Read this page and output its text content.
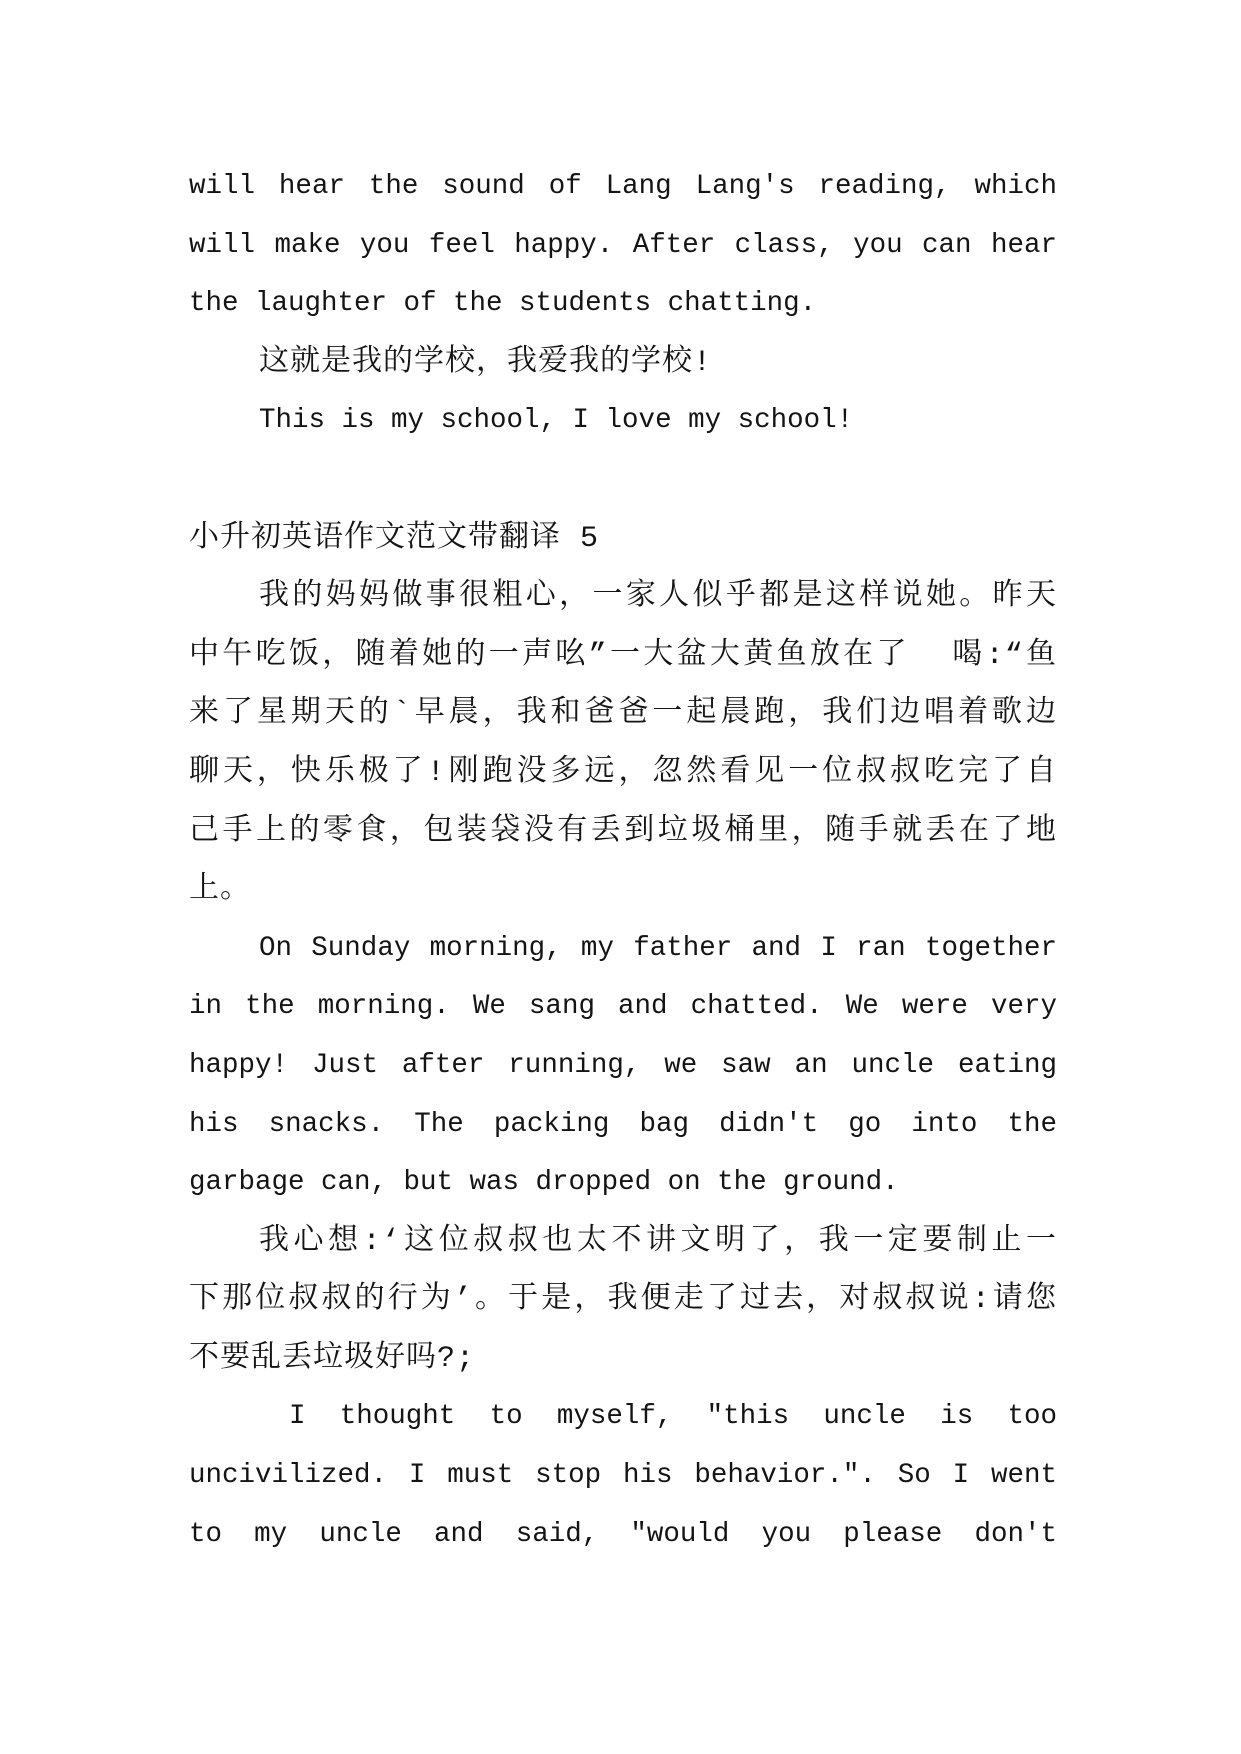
will hear the sound of Lang Lang's reading, which
will make you feel happy. After class, you can hear
the laughter of the students chatting.
这就是我的学校，我爱我的学校!
This is my school, I love my school!
小升初英语作文范文带翻译 5
我的妈妈做事很粗心，一家人似乎都是这样说她。昨天
中午吃饭，随着她的一声吆”一大盆大黄鱼放在了  喝:“鱼
来了星期天的`早晨，我和爸爸一起晨跑，我们边唱着歌边
聊天，快乐极了!刚跑没多远，忽然看见一位叔叔吃完了自
己手上的零食，包装袋没有丢到垃圾桶里，随手就丢在了地
上。
On Sunday morning, my father and I ran together
in the morning. We sang and chatted. We were very
happy! Just after running, we saw an uncle eating
his snacks. The packing bag didn't go into the
garbage can, but was dropped on the ground.
我心想:‘这位叔叔也太不讲文明了，我一定要制止一
下那位叔叔的行为’。于是，我便走了过去，对叔叔说:请您
不要乱丢垃圾好吗?;
I thought to myself, "this uncle is too
uncivilized. I must stop his behavior.". So I went
to my uncle and said, "would you please don't
